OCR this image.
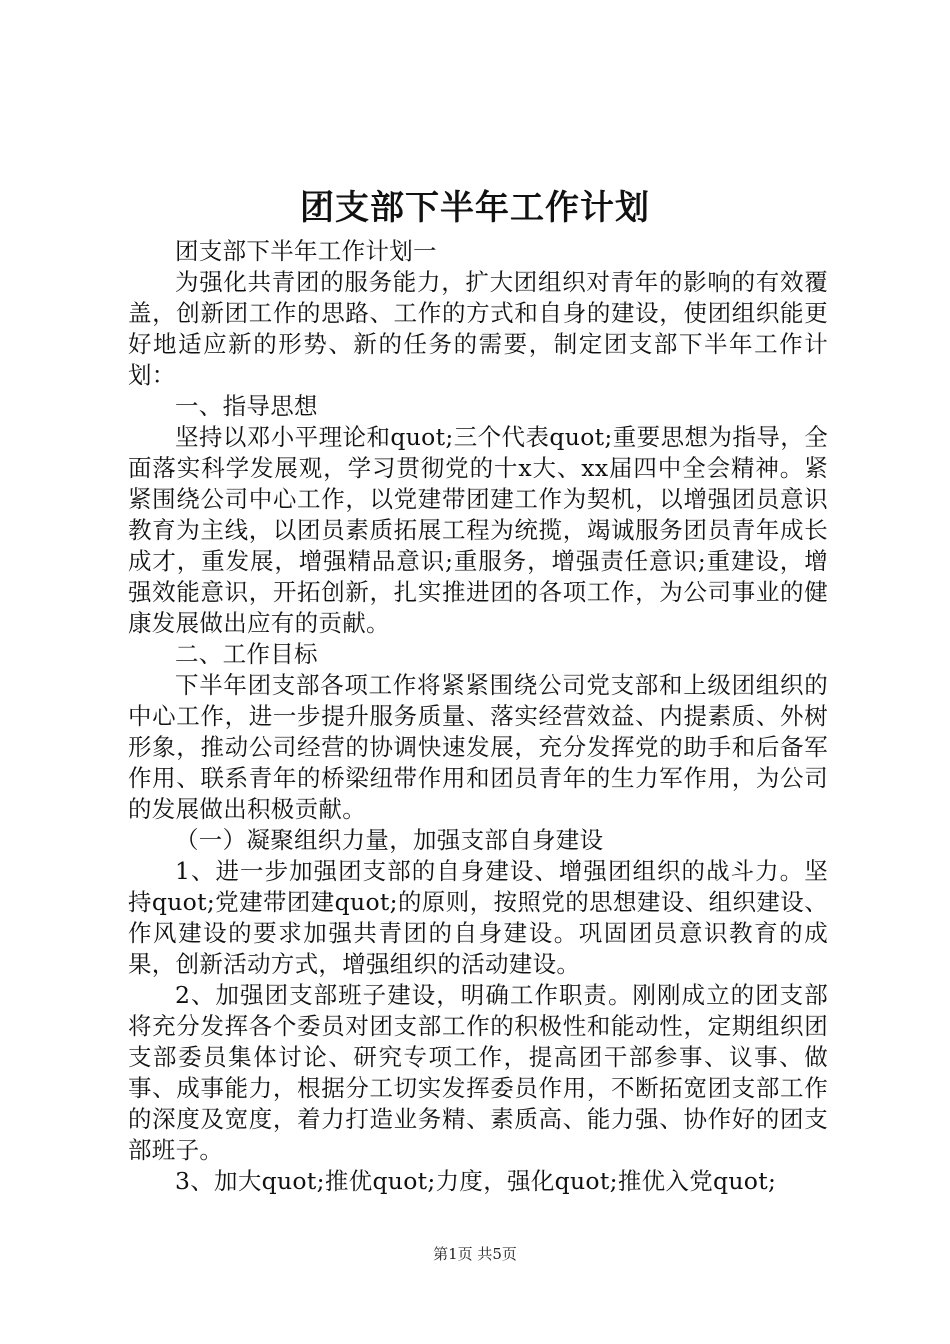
团支部下半年工作计划

团支部下半年工作计划一

为强化共青团的服务能力，扩大团组织对青年的影响的有效覆盖，创新团工作的思路、工作的方式和自身的建设，使团组织能更好地适应新的形势、新的任务的需要，制定团支部下半年工作计划：

一、指导思想

坚持以邓小平理论和quot;三个代表quot;重要思想为指导，全面落实科学发展观，学习贯彻党的十x大、xx届四中全会精神。紧紧围绕公司中心工作，以党建带团建工作为契机，以增强团员意识教育为主线，以团员素质拓展工程为统揽，竭诚服务团员青年成长成才，重发展，增强精品意识;重服务，增强责任意识;重建设，增强效能意识，开拓创新，扎实推进团的各项工作，为公司事业的健康发展做出应有的贡献。

二、工作目标

下半年团支部各项工作将紧紧围绕公司党支部和上级团组织的中心工作，进一步提升服务质量、落实经营效益、内提素质、外树形象，推动公司经营的协调快速发展，充分发挥党的助手和后备军作用、联系青年的桥梁纽带作用和团员青年的生力军作用，为公司的发展做出积极贡献。

（一）凝聚组织力量，加强支部自身建设

1、进一步加强团支部的自身建设、增强团组织的战斗力。坚持quot;党建带团建quot;的原则，按照党的思想建设、组织建设、作风建设的要求加强共青团的自身建设。巩固团员意识教育的成果，创新活动方式，增强组织的活动建设。

2、加强团支部班子建设，明确工作职责。刚刚成立的团支部将充分发挥各个委员对团支部工作的积极性和能动性，定期组织团支部委员集体讨论、研究专项工作，提高团干部参事、议事、做事、成事能力，根据分工切实发挥委员作用，不断拓宽团支部工作的深度及宽度，着力打造业务精、素质高、能力强、协作好的团支部班子。

3、加大quot;推优quot;力度，强化quot;推优入党quot;

第1页 共5页
